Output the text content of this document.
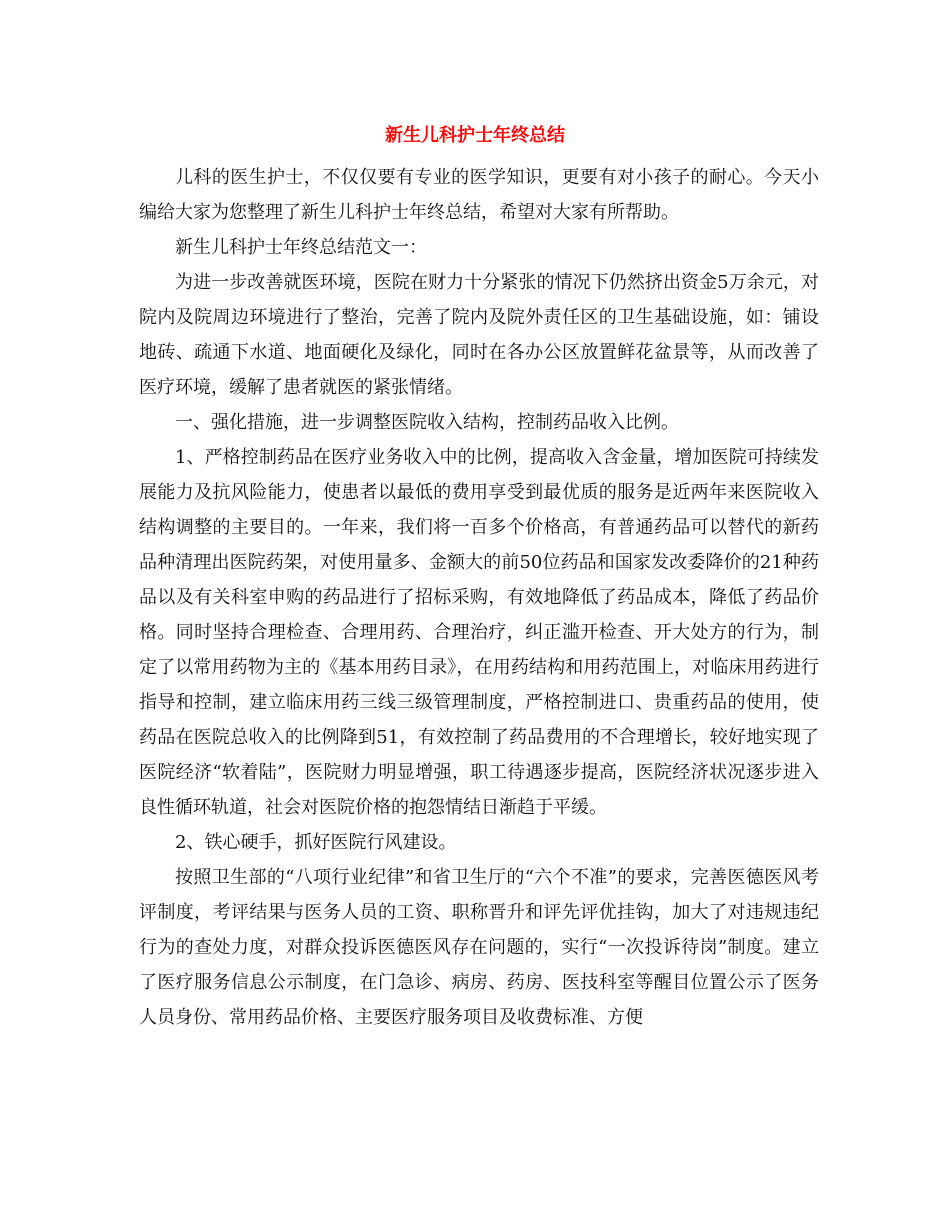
新生儿科护士年终总结

儿科的医生护士，不仅仅要有专业的医学知识，更要有对小孩子的耐心。今天小编给大家为您整理了新生儿科护士年终总结，希望对大家有所帮助。

新生儿科护士年终总结范文一：

为进一步改善就医环境，医院在财力十分紧张的情况下仍然挤出资金5万余元，对院内及院周边环境进行了整治，完善了院内及院外责任区的卫生基础设施，如：铺设地砖、疏通下水道、地面硬化及绿化，同时在各办公区放置鲜花盆景等，从而改善了医疗环境，缓解了患者就医的紧张情绪。

一、强化措施，进一步调整医院收入结构，控制药品收入比例。

1、严格控制药品在医疗业务收入中的比例，提高收入含金量，增加医院可持续发展能力及抗风险能力，使患者以最低的费用享受到最优质的服务是近两年来医院收入结构调整的主要目的。一年来，我们将一百多个价格高，有普通药品可以替代的新药品种清理出医院药架，对使用量多、金额大的前50位药品和国家发改委降价的21种药品以及有关科室申购的药品进行了招标采购，有效地降低了药品成本，降低了药品价格。同时坚持合理检查、合理用药、合理治疗，纠正滥开检查、开大处方的行为，制定了以常用药物为主的《基本用药目录》，在用药结构和用药范围上，对临床用药进行指导和控制，建立临床用药三线三级管理制度，严格控制进口、贵重药品的使用，使药品在医院总收入的比例降到51，有效控制了药品费用的不合理增长，较好地实现了医院经济“软着陆”，医院财力明显增强，职工待遇逐步提高，医院经济状况逐步进入良性循环轨道，社会对医院价格的抱怨情结日渐趋于平缓。

2、铁心硬手，抓好医院行风建设。

按照卫生部的“八项行业纪律”和省卫生厅的“六个不准”的要求，完善医德医风考评制度，考评结果与医务人员的工资、职称晋升和评先评优挂钩，加大了对违规违纪行为的查处力度，对群众投诉医德医风存在问题的，实行“一次投诉待岗”制度。建立了医疗服务信息公示制度，在门急诊、病房、药房、医技科室等醒目位置公示了医务人员身份、常用药品价格、主要医疗服务项目及收费标准、方便
